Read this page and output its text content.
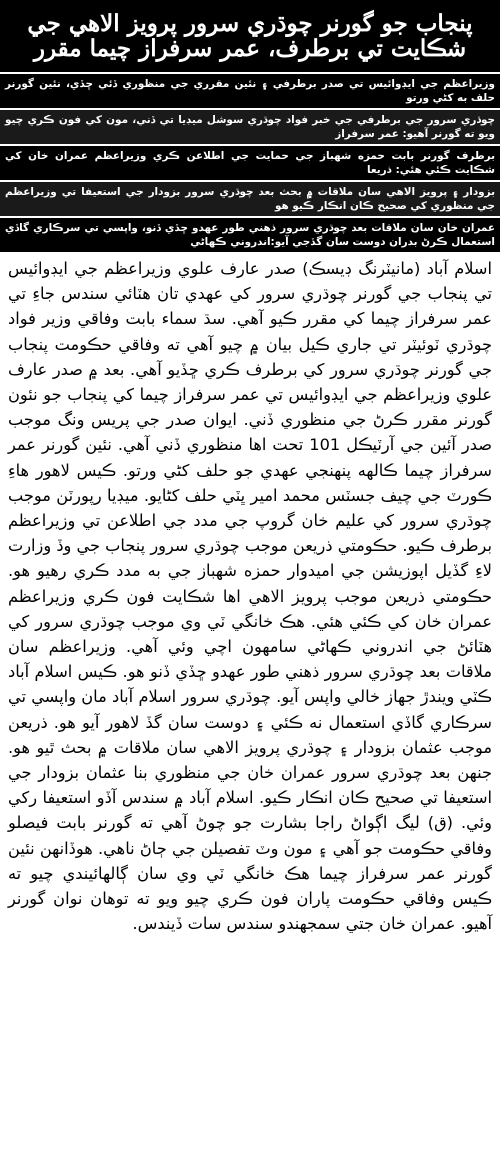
پنجاب جو گورنر چوڌري سرور پرويز الاهي جي شڪايت تي برطرف، عمر سرفراز چيما مقرر
وزيراعظم جي ايڊوائيس تي صدر برطرفي ۽ نئين مقرري جي منظوري ڏئي ڇڏي، نئين گورنر حلف به کڻي ورتو
چوڌري سرور جي برطرفي جي خبر فواد چوڌري سوشل ميڊيا تي ڏني، مون کي فون ڪري چيو ويو ته گورنر آهيو: عمر سرفراز
برطرف گورنر بابت حمزه شهباز جي حمايت جي اطلاعن ڪري وزيراعظم عمران خان کي شڪايت ڪئي هئي: ذريعا
بزودار ۽ پرويز الاهي سان ملاقات ۾ بحث بعد چوڌري سرور بزودار جي استعيفا تي وزيراعظم جي منظوري کي صحيح ڪان انڪار ڪيو هو
عمران خان سان ملاقات بعد چوڌري سرور ذهني طور عهدو ڇڏي ڏنو، واپسي تي سرڪاري گاڏي استعمال ڪرڻ بدران دوست سان گڏجي آيو:اندروني ڪهاڻي
اسلام آباد (مانيٽرنگ ڊيسڪ) صدر عارف علوي وزيراعظم جي ايڊوائيس تي پنجاب جي گورنر چوڌري سرور کي عهدي تان هٽائي سندس جاءِ تي عمر سرفراز چيما کي مقرر ڪيو آهي. سڌ سماء بابت وفاقي وزير فواد چوڌري ٽوئيٽر تي جاري ڪيل بيان ۾ چيو آهي ته وفاقي حڪومت پنجاب جي گورنر چوڌري سرور کي برطرف ڪري ڇڏيو آهي. بعد ۾ صدر عارف علوي وزيراعظم جي ايڊوائيس تي عمر سرفراز چيما کي پنجاب جو نئون گورنر مقرر ڪرڻ جي منظوري ڏني. ايوان صدر جي پريس ونگ موجب صدر آئين جي آرٽيڪل 101 تحت اها منظوري ڏني آهي. نئين گورنر عمر سرفراز چيما ڪالهه پنهنجي عهدي جو حلف کڻي ورتو. ڪيس لاهور هاءِ ڪورٽ جي چيف جسٽس محمد امير ڀٽي حلف کڻايو. ميڊيا رپورٽن موجب چوڌري سرور کي عليم خان گروپ جي مدد جي اطلاعن تي وزيراعظم برطرف ڪيو. حڪومتي ذريعن موجب چوڌري سرور پنجاب جي وڏ وزارت لاءِ گڏيل اپوزيشن جي اميدوار حمزه شهباز جي به مدد ڪري رهيو هو. حڪومتي ذريعن موجب پرويز الاهي اها شڪايت فون ڪري وزيراعظم عمران خان کي ڪئي هئي. هڪ خانگي ٽي وي موجب چوڌري سرور کي هٽائڻ جي اندروني ڪهاڻي سامهون اچي وئي آهي. وزيراعظم سان ملاقات بعد چوڌري سرور ذهني طور عهدو ڇڏي ڏنو هو. ڪيس اسلام آباد ڪٽي ويندڙ جهاز خالي واپس آيو. چوڌري سرور اسلام آباد مان واپسي تي سرڪاري گاڏي استعمال نه ڪئي ۽ دوست سان گڏ لاهور آيو هو. ذريعن موجب عثمان بزودار ۽ چوڌري پرويز الاهي سان ملاقات ۾ بحث ٿيو هو. جنهن بعد چوڌري سرور عمران خان جي منظوري بنا عثمان بزودار جي استعيفا تي صحيح ڪان انڪار ڪيو. اسلام آباد ۾ سندس آڏو استعيفا رکي وئي. (ق) ليگ اڳواڻ راجا بشارت جو چوڻ آهي ته گورنر بابت فيصلو وفاقي حڪومت جو آهي ۽ مون وٽ تفصيلن جي ڄاڻ ناهي. هوڏانهن نئين گورنر عمر سرفراز چيما هڪ خانگي ٽي وي سان ڳالهائيندي چيو ته ڪيس وفاقي حڪومت پاران فون ڪري چيو ويو ته توهان نوان گورنر آهيو. عمران خان جتي سمجهندو سندس سات ڏيندس.
